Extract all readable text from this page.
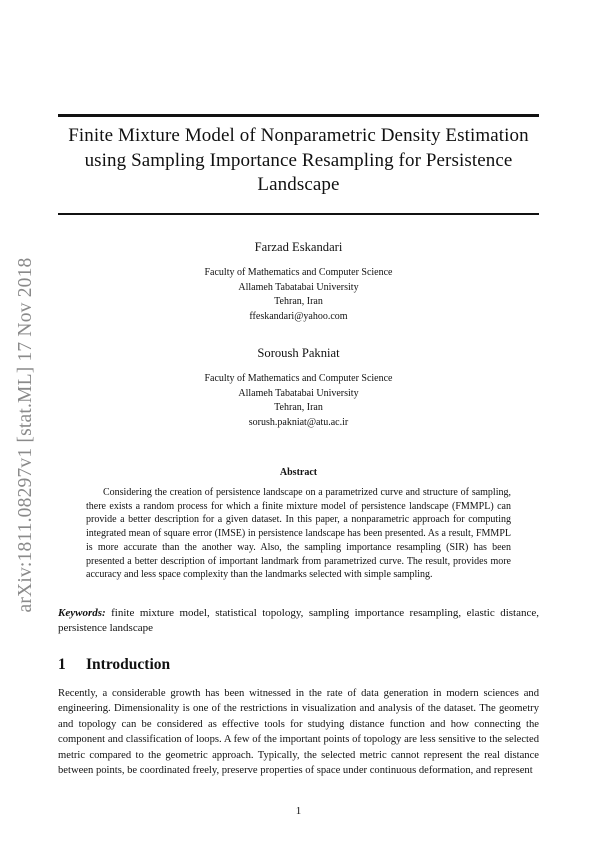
arXiv:1811.08297v1 [stat.ML] 17 Nov 2018
Finite Mixture Model of Nonparametric Density Estimation using Sampling Importance Resampling for Persistence Landscape
Farzad Eskandari
Faculty of Mathematics and Computer Science
Allameh Tabatabai University
Tehran, Iran
ffeskandari@yahoo.com
Soroush Pakniat
Faculty of Mathematics and Computer Science
Allameh Tabatabai University
Tehran, Iran
sorush.pakniat@atu.ac.ir
Abstract

Considering the creation of persistence landscape on a parametrized curve and structure of sampling, there exists a random process for which a finite mixture model of persistence landscape (FMMPL) can provide a better description for a given dataset. In this paper, a nonparametric approach for computing integrated mean of square error (IMSE) in persistence landscape has been presented. As a result, FMMPL is more accurate than the another way. Also, the sampling importance resampling (SIR) has been presented a better description of important landmark from parametrized curve. The result, provides more accuracy and less space complexity than the landmarks selected with simple sampling.

Keywords: finite mixture model, statistical topology, sampling importance resampling, elastic distance, persistence landscape

1 Introduction

Recently, a considerable growth has been witnessed in the rate of data generation in modern sciences and engineering. Dimensionality is one of the restrictions in visualization and analysis of the dataset. The geometry and topology can be considered as effective tools for studying distance function and how connecting the component and classification of loops. A few of the important points of topology are less sensitive to the selected metric compared to the geometric approach. Typically, the selected metric cannot represent the real distance between points, be coordinated freely, preserve properties of space under continuous deformation, and represent

1
